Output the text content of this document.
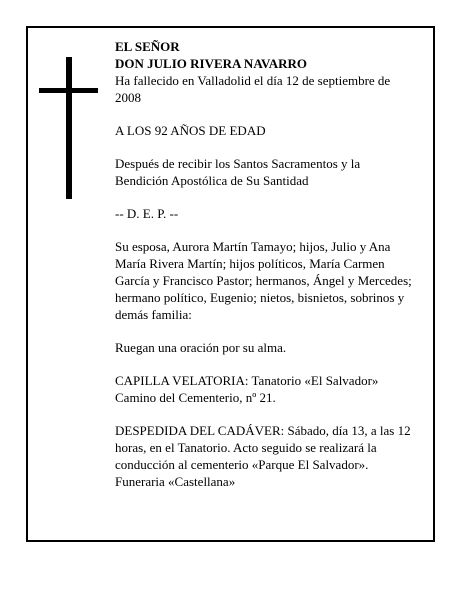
EL SEÑOR

DON JULIO RIVERA NAVARRO

Ha fallecido en Valladolid el día 12 de septiembre de 2008

A LOS 92 AÑOS DE EDAD

Después de recibir los Santos Sacramentos y la Bendición Apostólica de Su Santidad

-- D. E. P. --

Su esposa, Aurora Martín Tamayo; hijos, Julio y Ana María Rivera Martín; hijos políticos, María Carmen García y Francisco Pastor; hermanos, Ángel y Mercedes; hermano político, Eugenio; nietos, bisnietos, sobrinos y demás familia:

Ruegan una oración por su alma.

CAPILLA VELATORIA: Tanatorio «El Salvador» Camino del Cementerio, nº 21.

DESPEDIDA DEL CADÁVER: Sábado, día 13, a las 12 horas, en el Tanatorio. Acto seguido se realizará la conducción al cementerio «Parque El Salvador». Funeraria «Castellana»
